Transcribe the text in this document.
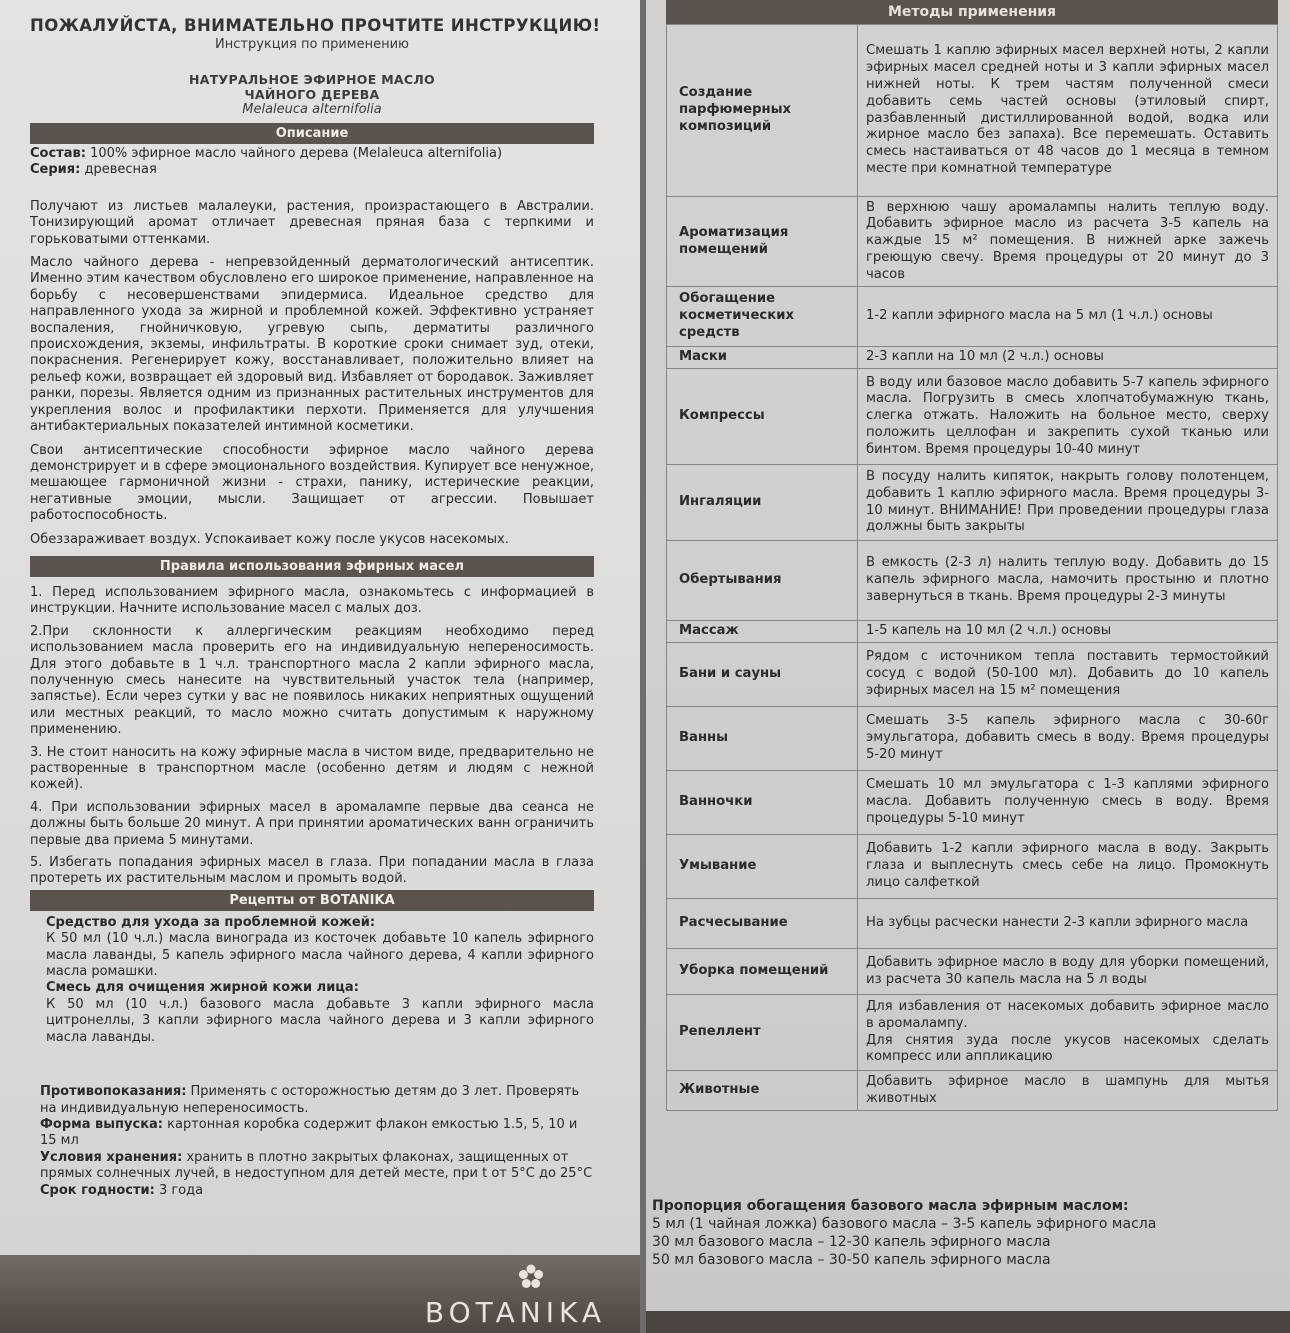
ПОЖАЛУЙСТА, ВНИМАТЕЛЬНО ПРОЧТИТЕ ИНСТРУКЦИЮ!
Инструкция по применению
НАТУРАЛЬНОЕ ЭФИРНОЕ МАСЛО
ЧАЙНОГО ДЕРЕВА
Melaleuca alternifolia
Описание

Состав: 100% эфирное масло чайного дерева (Melaleuca alternifolia)

Серия: древесная

Получают из листьев малалеуки, растения, произрастающего в Австралии. Тонизирующий аромат отличает древесная пряная база с терпкими и горьковатыми оттенками.

Масло чайного дерева - непревзойденный дерматологический антисептик. Именно этим качеством обусловлено его широкое применение, направленное на борьбу с несовершенствами эпидермиса. Идеальное средство для направленного ухода за жирной и проблемной кожей. Эффективно устраняет воспаления, гнойничковую, угревую сыпь, дерматиты различного происхождения, экземы, инфильтраты. В короткие сроки снимает зуд, отеки, покраснения. Регенерирует кожу, восстанавливает, положительно влияет на рельеф кожи, возвращает ей здоровый вид. Избавляет от бородавок. Заживляет ранки, порезы. Является одним из признанных растительных инструментов для укрепления волос и профилактики перхоти. Применяется для улучшения антибактериальных показателей интимной косметики.

Свои антисептические способности эфирное масло чайного дерева демонстрирует и в сфере эмоционального воздействия. Купирует все ненужное, мешающее гармоничной жизни - страхи, панику, истерические реакции, негативные эмоции, мысли. Защищает от агрессии. Повышает работоспособность.

Обеззараживает воздух. Успокаивает кожу после укусов насекомых.

Правила использования эфирных масел

1. Перед использованием эфирного масла, ознакомьтесь с информацией в инструкции. Начните использование масел с малых доз.

2.При склонности к аллергическим реакциям необходимо перед использованием масла проверить его на индивидуальную непереносимость. Для этого добавьте в 1 ч.л. транспортного масла 2 капли эфирного масла, полученную смесь нанесите на чувствительный участок тела (например, запястье). Если через сутки у вас не появилось никаких неприятных ощущений или местных реакций, то масло можно считать допустимым к наружному применению.

3. Не стоит наносить на кожу эфирные масла в чистом виде, предварительно не растворенные в транспортном масле (особенно детям и людям с нежной кожей).

4. При использовании эфирных масел в аромалампе первые два сеанса не должны быть больше 20 минут. А при принятии ароматических ванн ограничить первые два приема 5 минутами.

5. Избегать попадания эфирных масел в глаза. При попадании масла в глаза протереть их растительным маслом и промыть водой.

Рецепты от BOTANIKA

Средство для ухода за проблемной кожей:

К 50 мл (10 ч.л.) масла винограда из косточек добавьте 10 капель эфирного масла лаванды, 5 капель эфирного масла чайного дерева, 4 капли эфирного масла ромашки.

Смесь для очищения жирной кожи лица:

К 50 мл (10 ч.л.) базового масла добавьте 3 капли эфирного масла цитронеллы, 3 капли эфирного масла чайного дерева и 3 капли эфирного масла лаванды.

Противопоказания: Применять с осторожностью детям до 3 лет. Проверять на индивидуальную непереносимость.

Форма выпуска: картонная коробка содержит флакон емкостью 1.5, 5, 10 и 15 мл

Условия хранения: хранить в плотно закрытых флаконах, защищенных от прямых солнечных лучей, в недоступном для детей месте, при t от 5°C до 25°C

Срок годности: 3 года

BOTANIKA
Методы применения
Создание парфюмерных композиций	Смешать 1 каплю эфирных масел верхней ноты, 2 капли эфирных масел средней ноты и 3 капли эфирных масел нижней ноты. К трем частям полученной смеси добавить семь частей основы (этиловый спирт, разбавленный дистиллированной водой, водка или жирное масло без запаха). Все перемешать. Оставить смесь настаиваться от 48 часов до 1 месяца в темном месте при комнатной температуре
Ароматизация помещений	В верхнюю чашу аромалампы налить теплую воду. Добавить эфирное масло из расчета 3-5 капель на каждые 15 м² помещения. В нижней арке зажечь греющую свечу. Время процедуры от 20 минут до 3 часов
Обогащение косметических средств	1-2 капли эфирного масла на 5 мл (1 ч.л.) основы
Маски	2-3 капли на 10 мл (2 ч.л.) основы
Компрессы	В воду или базовое масло добавить 5-7 капель эфирного масла. Погрузить в смесь хлопчатобумажную ткань, слегка отжать. Наложить на больное место, сверху положить целлофан и закрепить сухой тканью или бинтом. Время процедуры 10-40 минут
Ингаляции	В посуду налить кипяток, накрыть голову полотенцем, добавить 1 каплю эфирного масла. Время процедуры 3-10 минут. ВНИМАНИЕ! При проведении процедуры глаза должны быть закрыты
Обертывания	В емкость (2-3 л) налить теплую воду. Добавить до 15 капель эфирного масла, намочить простыню и плотно завернуться в ткань. Время процедуры 2-3 минуты
Массаж	1-5 капель на 10 мл (2 ч.л.) основы
Бани и сауны	Рядом с источником тепла поставить термостойкий сосуд с водой (50-100 мл). Добавить до 10 капель эфирных масел на 15 м² помещения
Ванны	Смешать 3-5 капель эфирного масла с 30-60г эмульгатора, добавить смесь в воду. Время процедуры 5-20 минут
Ванночки	Смешать 10 мл эмульгатора с 1-3 каплями эфирного масла. Добавить полученную смесь в воду. Время процедуры 5-10 минут
Умывание	Добавить 1-2 капли эфирного масла в воду. Закрыть глаза и выплеснуть смесь себе на лицо. Промокнуть лицо салфеткой
Расчесывание	На зубцы расчески нанести 2-3 капли эфирного масла
Уборка помещений	Добавить эфирное масло в воду для уборки помещений, из расчета 30 капель масла на 5 л воды
Репеллент	Для избавления от насекомых добавить эфирное масло в аромалампу.
Для снятия зуда после укусов насекомых сделать компресс или аппликацию
Животные	Добавить эфирное масло в шампунь для мытья животных
Пропорция обогащения базового масла эфирным маслом:
5 мл (1 чайная ложка) базового масла – 3-5 капель эфирного масла
30 мл базового масла – 12-30 капель эфирного масла
50 мл базового масла – 30-50 капель эфирного масла
